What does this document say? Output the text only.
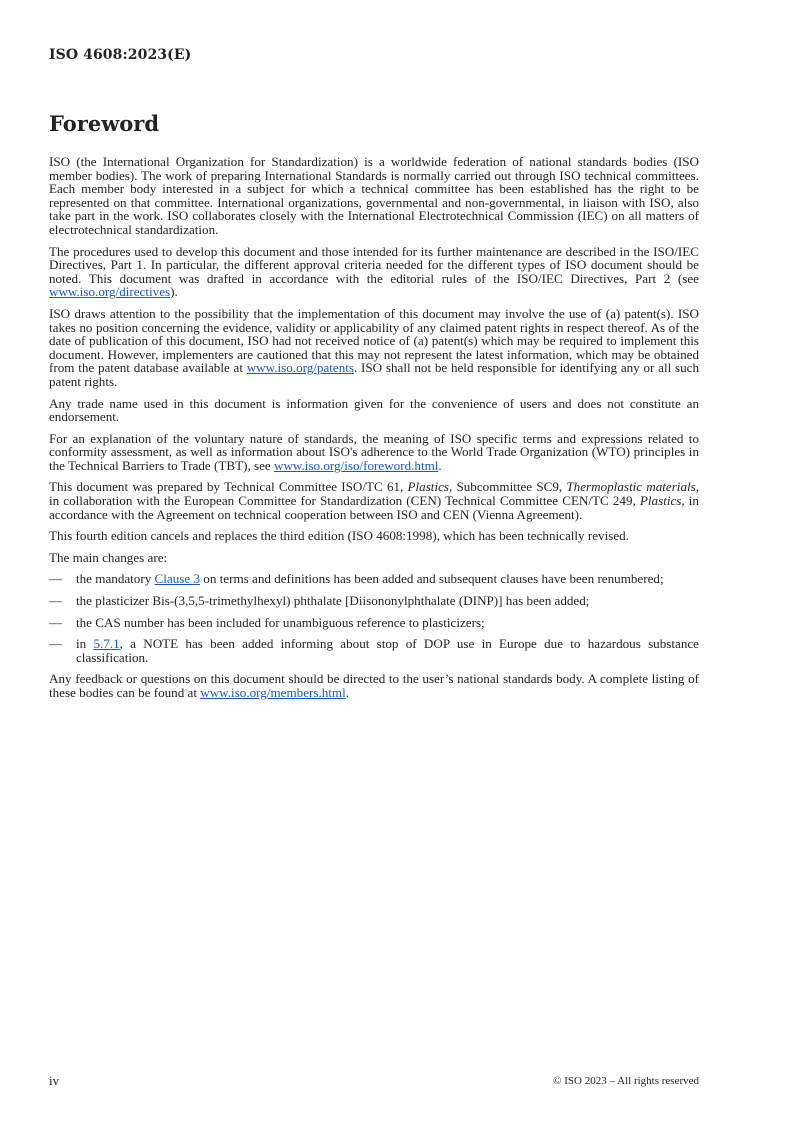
ISO 4608:2023(E)
Foreword

ISO (the International Organization for Standardization) is a worldwide federation of national standards bodies (ISO member bodies). The work of preparing International Standards is normally carried out through ISO technical committees. Each member body interested in a subject for which a technical committee has been established has the right to be represented on that committee. International organizations, governmental and non-governmental, in liaison with ISO, also take part in the work. ISO collaborates closely with the International Electrotechnical Commission (IEC) on all matters of electrotechnical standardization.

The procedures used to develop this document and those intended for its further maintenance are described in the ISO/IEC Directives, Part 1. In particular, the different approval criteria needed for the different types of ISO document should be noted. This document was drafted in accordance with the editorial rules of the ISO/IEC Directives, Part 2 (see www.iso.org/directives).

ISO draws attention to the possibility that the implementation of this document may involve the use of (a) patent(s). ISO takes no position concerning the evidence, validity or applicability of any claimed patent rights in respect thereof. As of the date of publication of this document, ISO had not received notice of (a) patent(s) which may be required to implement this document. However, implementers are cautioned that this may not represent the latest information, which may be obtained from the patent database available at www.iso.org/patents. ISO shall not be held responsible for identifying any or all such patent rights.

Any trade name used in this document is information given for the convenience of users and does not constitute an endorsement.

For an explanation of the voluntary nature of standards, the meaning of ISO specific terms and expressions related to conformity assessment, as well as information about ISO's adherence to the World Trade Organization (WTO) principles in the Technical Barriers to Trade (TBT), see www.iso.org/iso/foreword.html.

This document was prepared by Technical Committee ISO/TC 61, Plastics, Subcommittee SC9, Thermoplastic materials, in collaboration with the European Committee for Standardization (CEN) Technical Committee CEN/TC 249, Plastics, in accordance with the Agreement on technical cooperation between ISO and CEN (Vienna Agreement).

This fourth edition cancels and replaces the third edition (ISO 4608:1998), which has been technically revised.

The main changes are:

—	the mandatory Clause 3 on terms and definitions has been added and subsequent clauses have been renumbered;
—	the plasticizer Bis-(3,5,5-trimethylhexyl) phthalate [Diisononylphthalate (DINP)] has been added;
—	the CAS number has been included for unambiguous reference to plasticizers;
—	in 5.7.1, a NOTE has been added informing about stop of DOP use in Europe due to hazardous substance classification.

Any feedback or questions on this document should be directed to the user’s national standards body. A complete listing of these bodies can be found at www.iso.org/members.html.

iv	© ISO 2023 – All rights reserved
